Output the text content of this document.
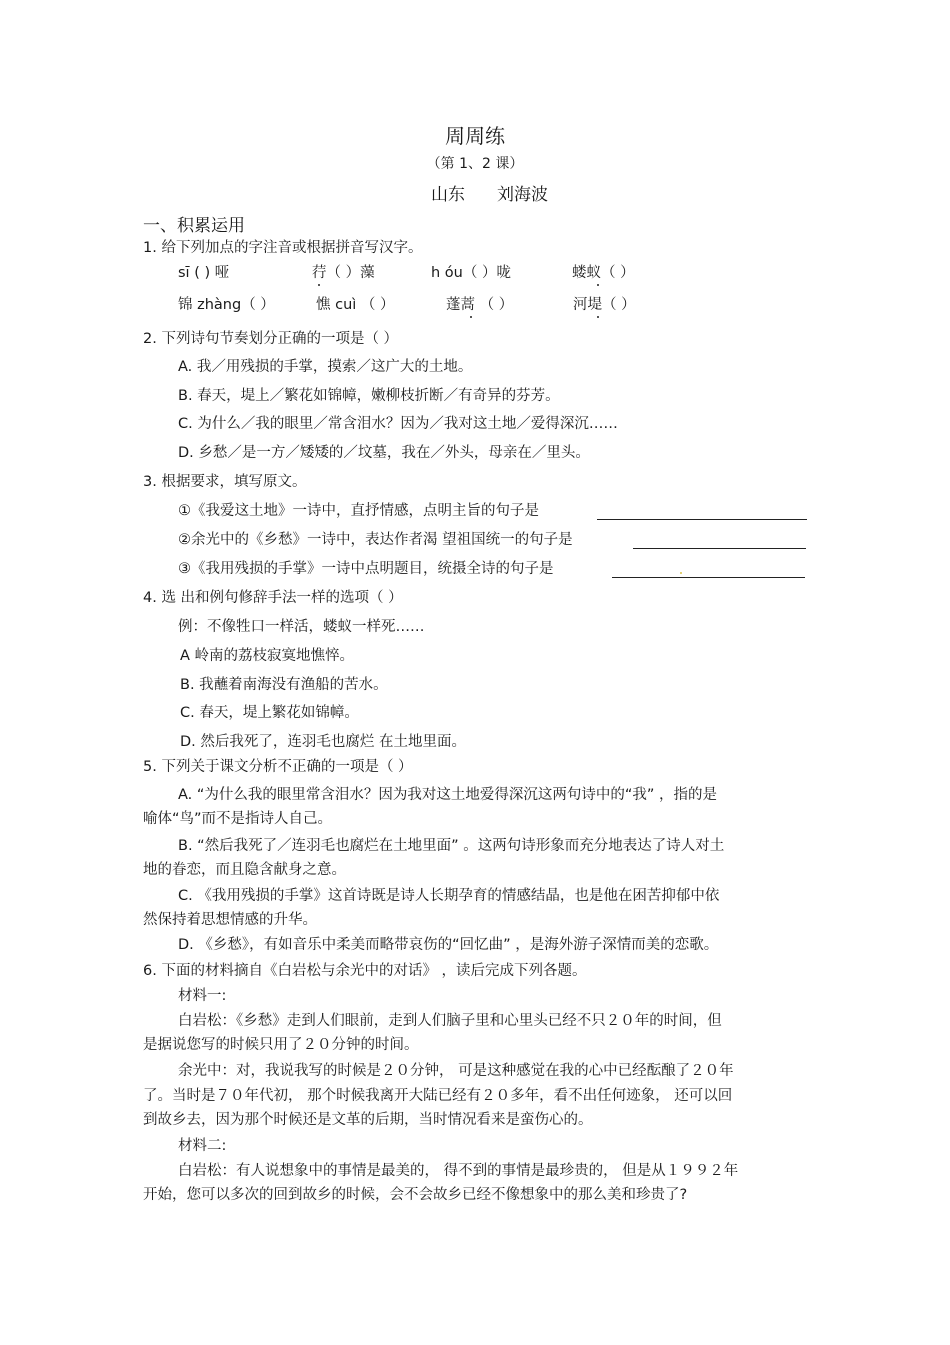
周周练
（第 1、2 课）
山东 刘海波
一、积累运用
1. 给下列加点的字注音或根据拼音写汉字。
sī ( ) 哑	荇（ ）藻	h óu（ ）咙	蝼蚁（ ）
锦 zhàng（ ）	憔 cuì （ ）	蓬蒿 （ ）	河堤（ ）
2. 下列诗句节奏划分正确的一项是（ ）
A. 我／用残损的手掌，摸索／这广大的土地。
B. 春天，堤上／繁花如锦幛，嫩柳枝折断／有奇异的芬芳。
C. 为什么／我的眼里／常含泪水？因为／我对这土地／爱得深沉……
D. 乡愁／是一方／矮矮的／坟墓，我在／外头，母亲在／里头。
3. 根据要求，填写原文。
①《我爱这土地》一诗中，直抒情感，点明主旨的句子是
②余光中的《乡愁》一诗中，表达作者渴 望祖国统一的句子是
③《我用残损的手掌》一诗中点明题目，统摄全诗的句子是
4. 选 出和例句修辞手法一样的选项（ ）
例：不像牲口一样活，蝼蚁一样死……
A 岭南的荔枝寂寞地憔悴。
B. 我蘸着南海没有渔船的苦水。
C. 春天，堤上繁花如锦幛。
D. 然后我死了，连羽毛也腐烂 在土地里面。
5. 下列关于课文分析不正确的一项是（ ）
A. “为什么我的眼里常含泪水？因为我对这土地爱得深沉这两句诗中的“我” ，指的是
喻体“鸟”而不是指诗人自己。
B. “然后我死了／连羽毛也腐烂在土地里面” 。这两句诗形象而充分地表达了诗人对土
地的眷恋，而且隐含献身之意。
C. 《我用残损的手掌》这首诗既是诗人长期孕育的情感结晶，也是他在困苦抑郁中依
然保持着思想情感的升华。
D. 《乡愁》，有如音乐中柔美而略带哀伤的“回忆曲” ，是海外游子深情而美的恋歌。
6. 下面的材料摘自《白岩松与余光中的对话》 ，读后完成下列各题。
材料一:
白岩松：《乡愁》走到人们眼前，走到人们脑子里和心里头已经不只２０年的时间，但
是据说您写的时候只用了２０分钟的时间。
余光中：对，我说我写的时候是２０分钟， 可是这种感觉在我的心中已经酝酿了２０年
了。当时是７０年代初， 那个时候我离开大陆已经有２０多年，看不出任何迹象， 还可以回
到故乡去，因为那个时候还是文革的后期，当时情况看来是蛮伤心的。
材料二:
白岩松：有人说想象中的事情是最美的， 得不到的事情是最珍贵的， 但是从１９９２年
开始，您可以多次的回到故乡的时候，会不会故乡已经不像想象中的那么美和珍贵了?
